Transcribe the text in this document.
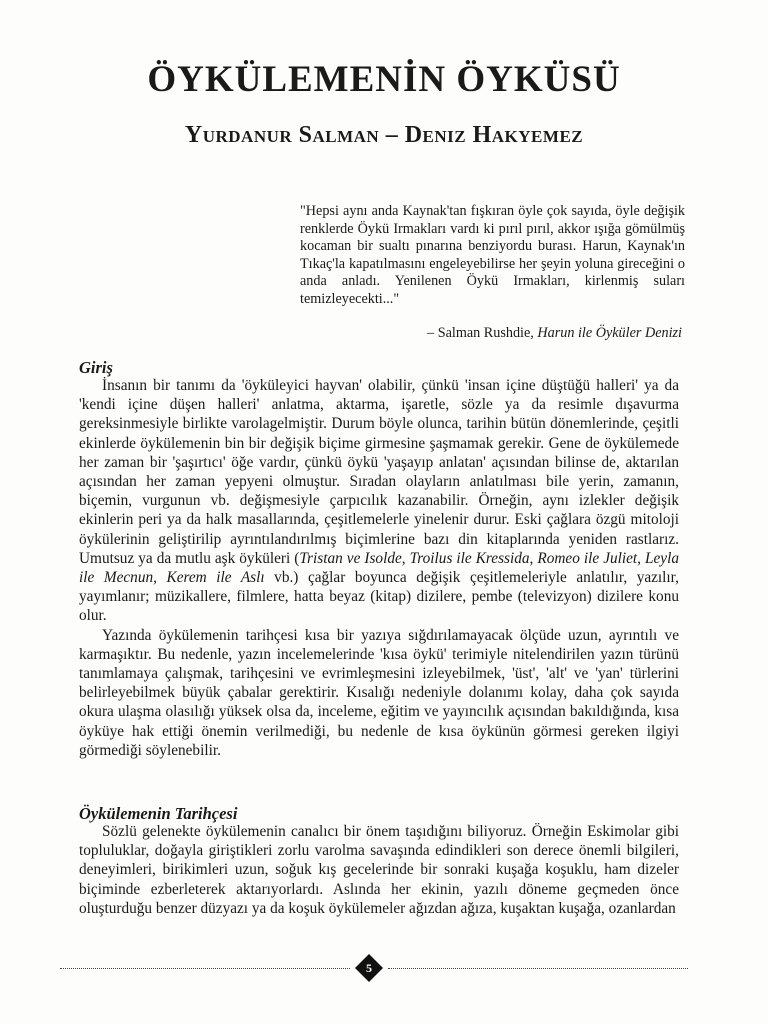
ÖYKÜLEMENİN ÖYKÜSÜ
Yurdanur Salman – Deniz Hakyemez

"Hepsi aynı anda Kaynak'tan fışkıran öyle çok sayıda, öyle değişik renklerde Öykü Irmakları vardı ki pırıl pırıl, akkor ışığa gömülmüş kocaman bir sualtı pınarına benziyordu burası. Harun, Kaynak'ın Tıkaç'la kapatılmasını engeleyebilirse her şeyin yoluna gireceğini o anda anladı. Yenilenen Öykü Irmakları, kirlenmiş suları temizleyecekti..."

– Salman Rushdie, Harun ile Öyküler Denizi

Giriş

İnsanın bir tanımı da 'öyküleyici hayvan' olabilir, çünkü 'insan içine düştüğü halleri' ya da 'kendi içine düşen halleri' anlatma, aktarma, işaretle, sözle ya da resimle dışavurma gereksinmesiyle birlikte varolagelmiştir. Durum böyle olunca, tarihin bütün dönemlerinde, çeşitli ekinlerde öykülemenin bin bir değişik biçime girmesine şaşmamak gerekir. Gene de öykülemede her zaman bir 'şaşırtıcı' öğe vardır, çünkü öykü 'yaşayıp anlatan' açısından bilinse de, aktarılan açısından her zaman yepyeni olmuştur. Sıradan olayların anlatılması bile yerin, zamanın, biçemin, vurgunun vb. değişmesiyle çarpıcılık kazanabilir. Örneğin, aynı izlekler değişik ekinlerin peri ya da halk masallarında, çeşitlemelerle yinelenir durur. Eski çağlara özgü mitoloji öykülerinin geliştirilip ayrıntılandırılmış biçimlerine bazı din kitaplarında yeniden rastlarız. Umutsuz ya da mutlu aşk öyküleri (Tristan ve Isolde, Troilus ile Kressida, Romeo ile Juliet, Leyla ile Mecnun, Kerem ile Aslı vb.) çağlar boyunca değişik çeşitlemeleriyle anlatılır, yazılır, yayımlanır; müzikallere, filmlere, hatta beyaz (kitap) dizilere, pembe (televizyon) dizilere konu olur.

Yazında öykülemenin tarihçesi kısa bir yazıya sığdırılamayacak ölçüde uzun, ayrıntılı ve karmaşıktır. Bu nedenle, yazın incelemelerinde 'kısa öykü' terimiyle nitelendirilen yazın türünü tanımlamaya çalışmak, tarihçesini ve evrimleşmesini izleyebilmek, 'üst', 'alt' ve 'yan' türlerini belirleyebilmek büyük çabalar gerektirir. Kısalığı nedeniyle dolanımı kolay, daha çok sayıda okura ulaşma olasılığı yüksek olsa da, inceleme, eğitim ve yayıncılık açısından bakıldığında, kısa öyküye hak ettiği önemin verilmediği, bu nedenle de kısa öykünün görmesi gereken ilgiyi görmediği söylenebilir.

Öykülemenin Tarihçesi

Sözlü gelenekte öykülemenin canalıcı bir önem taşıdığını biliyoruz. Örneğin Eskimolar gibi topluluklar, doğayla giriştikleri zorlu varolma savaşında edindikleri son derece önemli bilgileri, deneyimleri, birikimleri uzun, soğuk kış gecelerinde bir sonraki kuşağa koşuklu, ham dizeler biçiminde ezberleterek aktarıyorlardı. Aslında her ekinin, yazılı döneme geçmeden önce oluşturduğu benzer düzyazı ya da koşuk öykülemeler ağızdan ağıza, kuşaktan kuşağa, ozanlardan

5
